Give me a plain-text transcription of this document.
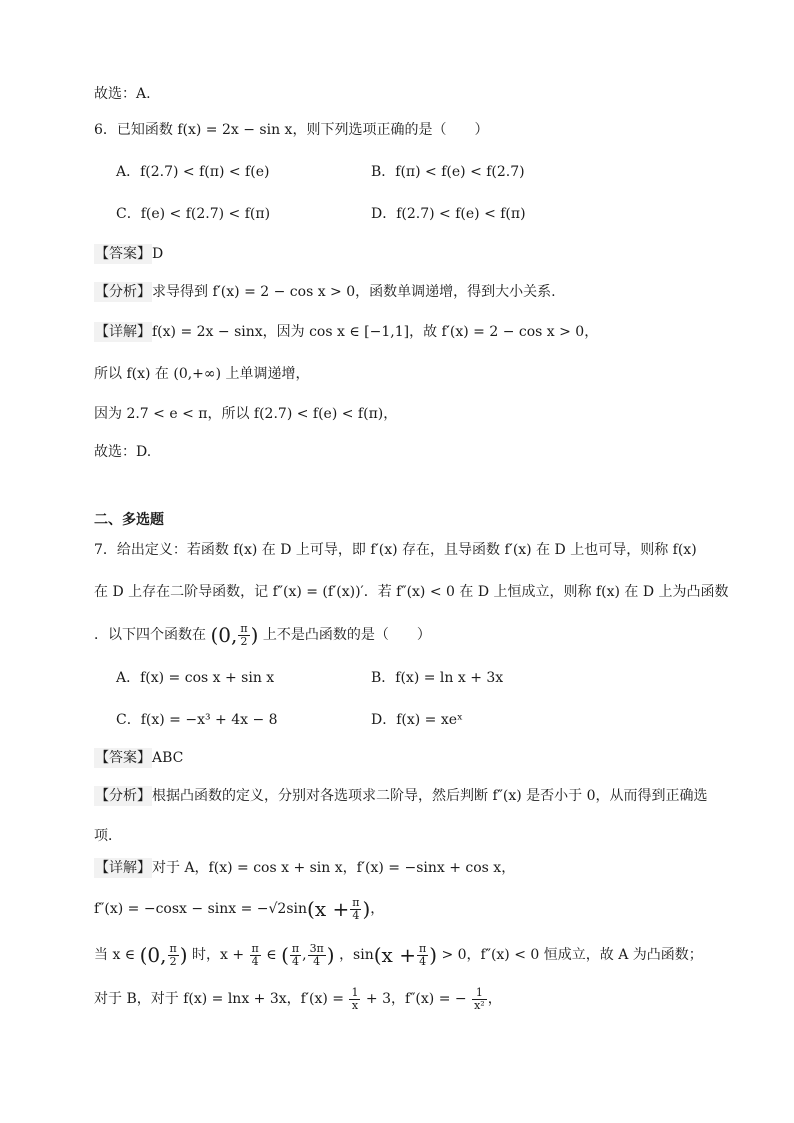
故选：A.
6．已知函数 f(x) = 2x − sin x，则下列选项正确的是（　　）
A．f(2.7) < f(π) < f(e)	B．f(π) < f(e) < f(2.7)
C．f(e) < f(2.7) < f(π)	D．f(2.7) < f(e) < f(π)
【答案】D
【分析】求导得到 f′(x) = 2 − cos x > 0，函数单调递增，得到大小关系.
【详解】f(x) = 2x − sinx，因为 cos x ∈ [−1,1]，故 f′(x) = 2 − cos x > 0，
所以 f(x) 在 (0,+∞) 上单调递增，
因为 2.7 < e < π，所以 f(2.7) < f(e) < f(π)，
故选：D.
二、多选题
7．给出定义：若函数 f(x) 在 D 上可导，即 f′(x) 存在，且导函数 f′(x) 在 D 上也可导，则称 f(x)
在 D 上存在二阶导函数，记 f″(x) = (f′(x))′．若 f″(x) < 0 在 D 上恒成立，则称 f(x) 在 D 上为凸函数
．以下四个函数在 (0, $\frac{\pi}{2}$ ) 上不是凸函数的是（　　）
A．f(x) = cos x + sin x	B．f(x) = ln x + 3x
C．f(x) = −x³ + 4x − 8	D．f(x) = xeˣ
【答案】ABC
【分析】根据凸函数的定义，分别对各选项求二阶导，然后判断 f″(x) 是否小于 0，从而得到正确选
项．
【详解】对于 A，f(x) = cos x + sin x，f′(x) = −sinx + cos x，
$f''(x) = -\cos x - \sin x = -√2\sin(x + \frac{\pi}{4}$ )，
当 x ∈ (0, $\frac{\pi}{2}$ ) 时，$x + \frac{\pi}{4}$ ∈ ( $\frac{\pi}{4}$ , $\frac{3\pi}{4}$ ) ，$\sin(x + \frac{\pi}{4}$ ) > 0，f″(x) < 0 恒成立，故 A 为凸函数；
对于 B，对于 f(x) = lnx + 3x，$f'(x) = \frac{1}{x} + 3$，f″(x) = − $\frac{1}{\text{x²}}$ ，
